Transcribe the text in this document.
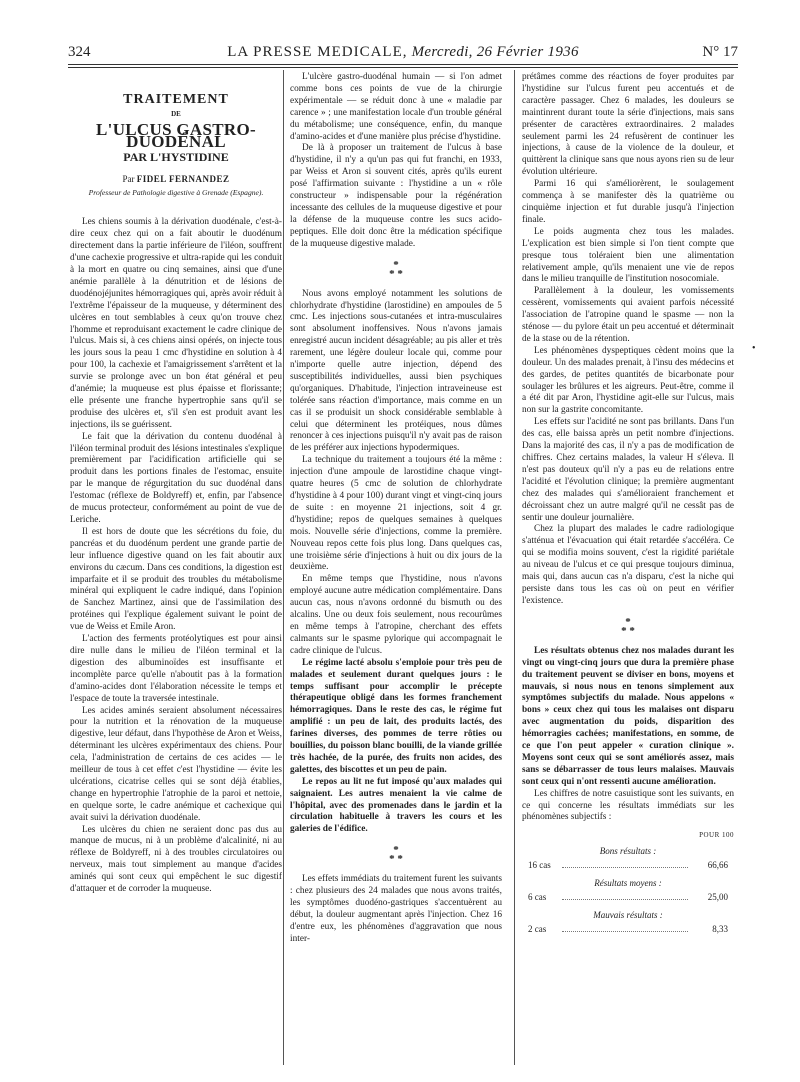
324	LA PRESSE MEDICALE, Mercredi, 26 Février 1936	N° 17
TRAITEMENT
DE
L'ULCUS GASTRO-DUODÉNAL
PAR L'HYSTIDINE
Par FIDEL FERNANDEZ
Professeur de Pathologie digestive à Grenade (Espagne).

Les chiens soumis à la dérivation duodénale, c'est-à-dire ceux chez qui on a fait aboutir le duodénum directement dans la partie inférieure de l'iléon, souffrent d'une cachexie progressive et ultra-rapide qui les conduit à la mort en quatre ou cinq semaines, ainsi que d'une anémie parallèle à la dénutrition et de lésions de duodénojéjunites hémorragiques qui, après avoir réduit à l'extrême l'épaisseur de la muqueuse, y déterminent des ulcères en tout semblables à ceux qu'on trouve chez l'homme et reproduisant exactement le cadre clinique de l'ulcus. Mais si, à ces chiens ainsi opérés, on injecte tous les jours sous la peau 1 cmc d'hystidine en solution à 4 pour 100, la cachexie et l'amaigrissement s'arrêtent et la survie se prolonge avec un bon état général et peu d'anémie; la muqueuse est plus épaisse et florissante; elle présente une franche hypertrophie sans qu'il se produise des ulcères et, s'il s'en est produit avant les injections, ils se guérissent.

Le fait que la dérivation du contenu duodénal à l'iléon terminal produit des lésions intestinales s'explique premièrement par l'acidification artificielle qui se produit dans les portions finales de l'estomac, ensuite par le manque de régurgitation du suc duodénal dans l'estomac (réflexe de Boldyreff) et, enfin, par l'absence de mucus protecteur, conformément au point de vue de Leriche.

Il est hors de doute que les sécrétions du foie, du pancréas et du duodénum perdent une grande partie de leur influence digestive quand on les fait aboutir aux environs du cæcum. Dans ces conditions, la digestion est imparfaite et il se produit des troubles du métabolisme minéral qui expliquent le cadre indiqué, dans l'opinion de Sanchez Martinez, ainsi que de l'assimilation des protéines qui l'explique également suivant le point de vue de Weiss et Emile Aron.

L'action des ferments protéolytiques est pour ainsi dire nulle dans le milieu de l'iléon terminal et la digestion des albuminoïdes est insuffisante et incomplète parce qu'elle n'aboutit pas à la formation d'amino-acides dont l'élaboration nécessite le temps et l'espace de toute la traversée intestinale.

Les acides aminés seraient absolument nécessaires pour la nutrition et la rénovation de la muqueuse digestive, leur défaut, dans l'hypothèse de Aron et Weiss, déterminant les ulcères expérimentaux des chiens. Pour cela, l'administration de certains de ces acides — le meilleur de tous à cet effet c'est l'hystidine — évite les ulcérations, cicatrise celles qui se sont déjà établies, change en hypertrophie l'atrophie de la paroi et nettoie, en quelque sorte, le cadre anémique et cachexique qui avait suivi la dérivation duodénale.

Les ulcères du chien ne seraient donc pas dus au manque de mucus, ni à un problème d'alcalinité, ni au réflexe de Boldyreff, ni à des troubles circulatoires ou nerveux, mais tout simplement au manque d'acides aminés qui sont ceux qui empêchent le suc digestif d'attaquer et de corroder la muqueuse.

L'ulcère gastro-duodénal humain — si l'on admet comme bons ces points de vue de la chirurgie expérimentale — se réduit donc à une « maladie par carence » ; une manifestation locale d'un trouble général du métabolisme; une conséquence, enfin, du manque d'amino-acides et d'une manière plus précise d'hystidine.

De là à proposer un traitement de l'ulcus à base d'hystidine, il n'y a qu'un pas qui fut franchi, en 1933, par Weiss et Aron si souvent cités, après qu'ils eurent posé l'affirmation suivante : l'hystidine a un « rôle constructeur » indispensable pour la régénération incessante des cellules de la muqueuse digestive et pour la défense de la muqueuse contre les sucs acido-peptiques. Elle doit donc être la médication spécifique de la muqueuse digestive malade.

*
* *

Nous avons employé notamment les solutions de chlorhydrate d'hystidine (larostidine) en ampoules de 5 cmc. Les injections sous-cutanées et intra-musculaires sont absolument inoffensives. Nous n'avons jamais enregistré aucun incident désagréable; au pis aller et très rarement, une légère douleur locale qui, comme pour n'importe quelle autre injection, dépend des susceptibilités individuelles, aussi bien psychiques qu'organiques. D'habitude, l'injection intraveineuse est tolérée sans réaction d'importance, mais comme en un cas il se produisit un shock considérable semblable à celui que déterminent les protéiques, nous dûmes renoncer à ces injections puisqu'il n'y avait pas de raison de les préférer aux injections hypodermiques.

La technique du traitement a toujours été la même : injection d'une ampoule de larostidine chaque vingt-quatre heures (5 cmc de solution de chlorhydrate d'hystidine à 4 pour 100) durant vingt et vingt-cinq jours de suite : en moyenne 21 injections, soit 4 gr. d'hystidine; repos de quelques semaines à quelques mois. Nouvelle série d'injections, comme la première. Nouveau repos cette fois plus long. Dans quelques cas, une troisième série d'injections à huit ou dix jours de la deuxième.

En même temps que l'hystidine, nous n'avons employé aucune autre médication complémentaire. Dans aucun cas, nous n'avons ordonné du bismuth ou des alcalins. Une ou deux fois seulement, nous recourûmes en même temps à l'atropine, cherchant des effets calmants sur le spasme pylorique qui accompagnait le cadre clinique de l'ulcus.

Le régime lacté absolu s'emploie pour très peu de malades et seulement durant quelques jours : le temps suffisant pour accomplir le précepte thérapeutique obligé dans les formes franchement hémorragiques. Dans le reste des cas, le régime fut amplifié : un peu de lait, des produits lactés, des farines diverses, des pommes de terre rôties ou bouillies, du poisson blanc bouilli, de la viande grillée très hachée, de la purée, des fruits non acides, des galettes, des biscottes et un peu de pain.

Le repos au lit ne fut imposé qu'aux malades qui saignaient. Les autres menaient la vie calme de l'hôpital, avec des promenades dans le jardin et la circulation habituelle à travers les cours et les galeries de l'édifice.

*
* *

Les effets immédiats du traitement furent les suivants : chez plusieurs des 24 malades que nous avons traités, les symptômes duodéno-gastriques s'accentuèrent au début, la douleur augmentant après l'injection. Chez 16 d'entre eux, les phénomènes d'aggravation que nous inter-

prétâmes comme des réactions de foyer produites par l'hystidine sur l'ulcus furent peu accentués et de caractère passager. Chez 6 malades, les douleurs se maintinrent durant toute la série d'injections, mais sans présenter de caractères extraordinaires. 2 malades seulement parmi les 24 refusèrent de continuer les injections, à cause de la violence de la douleur, et quittèrent la clinique sans que nous ayons rien su de leur évolution ultérieure.

Parmi 16 qui s'améliorèrent, le soulagement commença à se manifester dès la quatrième ou cinquième injection et fut durable jusqu'à l'injection finale.

Le poids augmenta chez tous les malades. L'explication est bien simple si l'on tient compte que presque tous toléraient bien une alimentation relativement ample, qu'ils menaient une vie de repos dans le milieu tranquille de l'institution nosocomiale.

Parallèlement à la douleur, les vomissements cessèrent, vomissements qui avaient parfois nécessité l'association de l'atropine quand le spasme — non la sténose — du pylore était un peu accentué et déterminait de la stase ou de la rétention.

Les phénomènes dyspeptiques cèdent moins que la douleur. Un des malades prenait, à l'insu des médecins et des gardes, de petites quantités de bicarbonate pour soulager les brûlures et les aigreurs. Peut-être, comme il a été dit par Aron, l'hystidine agit-elle sur l'ulcus, mais non sur la gastrite concomitante.

Les effets sur l'acidité ne sont pas brillants. Dans l'un des cas, elle baissa après un petit nombre d'injections. Dans la majorité des cas, il n'y a pas de modification de chiffres. Chez certains malades, la valeur H s'éleva. Il n'est pas douteux qu'il n'y a pas eu de relations entre l'acidité et l'évolution clinique; la première augmentant chez des malades qui s'amélioraient franchement et décroissant chez un autre malgré qu'il ne cessât pas de sentir une douleur journalière.

Chez la plupart des malades le cadre radiologique s'atténua et l'évacuation qui était retardée s'accéléra. Ce qui se modifia moins souvent, c'est la rigidité pariétale au niveau de l'ulcus et ce qui presque toujours diminua, mais qui, dans aucun cas n'a disparu, c'est la niche qui persiste dans tous les cas où on peut en vérifier l'existence.

*
* *

Les résultats obtenus chez nos malades durant les vingt ou vingt-cinq jours que dura la première phase du traitement peuvent se diviser en bons, moyens et mauvais, si nous nous en tenons simplement aux symptômes subjectifs du malade. Nous appelons « bons » ceux chez qui tous les malaises ont disparu avec augmentation du poids, disparition des hémorragies cachées; manifestations, en somme, de ce que l'on peut appeler « curation clinique ». Moyens sont ceux qui se sont améliorés assez, mais sans se débarrasser de tous leurs malaises. Mauvais sont ceux qui n'ont ressenti aucune amélioration.

Les chiffres de notre casuistique sont les suivants, en ce qui concerne les résultats immédiats sur les phénomènes subjectifs :

POUR 100
Bons résultats :
16 cas	66,66
Résultats moyens :
6 cas	25,00
Mauvais résultats :
2 cas	8,33
•
